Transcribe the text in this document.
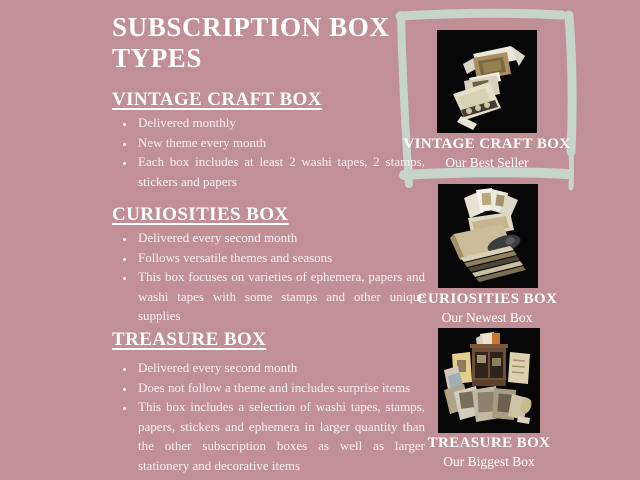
SUBSCRIPTION BOX TYPES
VINTAGE CRAFT BOX
• Delivered monthly
• New theme every month
• Each box includes at least 2 washi tapes, 2 stamps, stickers and papers
CURIOSITIES BOX
• Delivered every second month
• Follows versatile themes and seasons
• This box focuses on varieties of ephemera, papers and washi tapes with some stamps and other unique supplies
TREASURE BOX
• Delivered every second month
• Does not follow a theme and includes surprise items
• This box includes a selection of washi tapes, stamps, papers, stickers and ephemera in larger quantity than the other subscription boxes as well as larger stationery and decorative items
VINTAGE CRAFT BOX
Our Best Seller
CURIOSITIES BOX
Our Newest Box
TREASURE BOX
Our Biggest Box
